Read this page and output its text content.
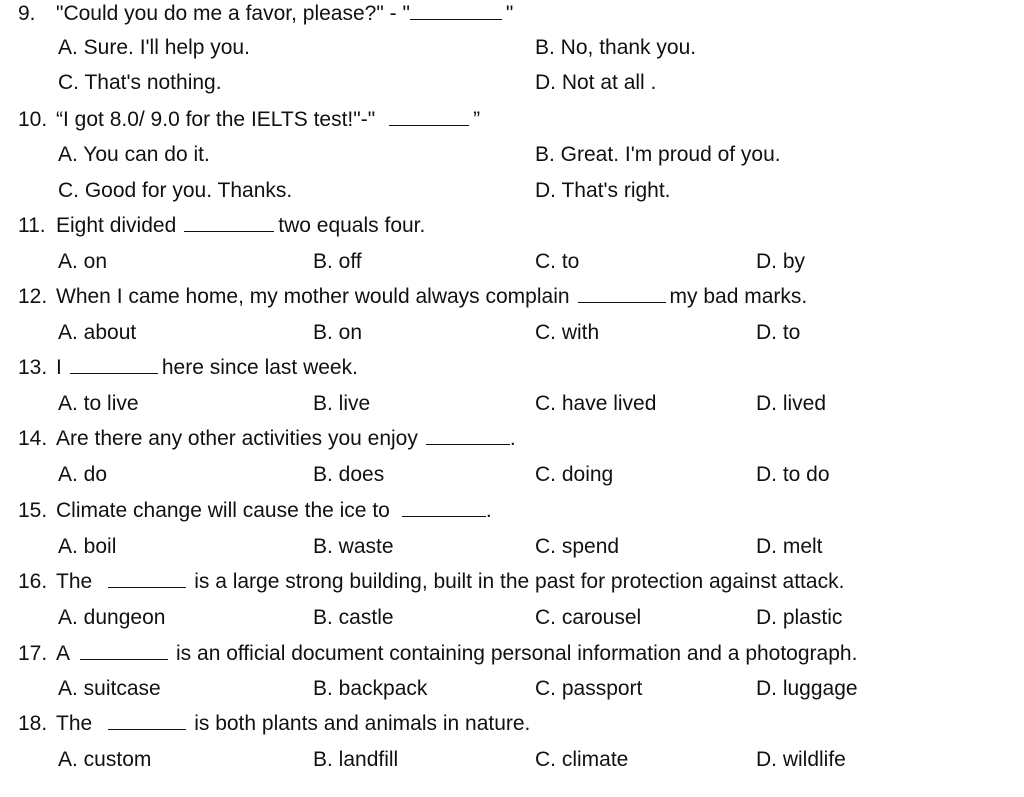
9. "Could you do me a favor, please?" - "	"
A. Sure. I'll help you.	B. No, thank you.
C. That's nothing.	D. Not at all .
10. “I got 8.0/ 9.0 for the IELTS test!"-"	”
A. You can do it.	B. Great. I'm proud of you.
C. Good for you. Thanks.	D. That's right.
11. Eight divided	two equals four.
A. on	B. off	C. to	D. by
12. When I came home, my mother would always complain	my bad marks.
A. about	B. on	C. with	D. to
13. I	here since last week.
A. to live	B. live	C. have lived	D. lived
14. Are there any other activities you enjoy	.
A. do	B. does	C. doing	D. to do
15. Climate change will cause the ice to	.
A. boil	B. waste	C. spend	D. melt
16. The	is a large strong building, built in the past for protection against attack.
A. dungeon	B. castle	C. carousel	D. plastic
17. A	is an official document containing personal information and a photograph.
A. suitcase	B. backpack	C. passport	D. luggage
18. The	is both plants and animals in nature.
A. custom	B. landfill	C. climate	D. wildlife
